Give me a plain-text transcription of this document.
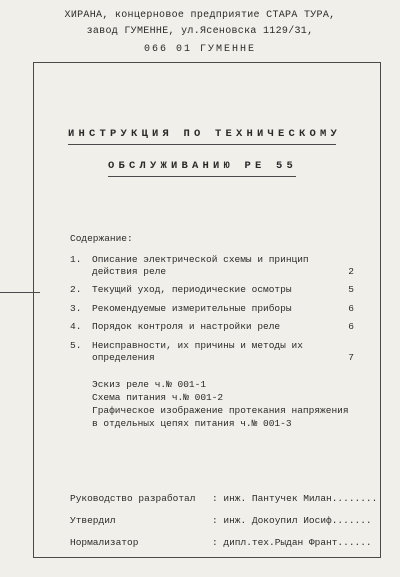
ХИРАНА, концерновое предприятие СТАРА ТУРА,
завод ГУМЕННЕ, ул.Ясеновска 1129/31,
066 01 ГУМЕННЕ
ИНСТРУКЦИЯ ПО ТЕХНИЧЕСКОМУ
ОБСЛУЖИВАНИЮ РЕ 55
Содержание:
1. Описание электрической схемы и принцип
действия реле	2
2. Текущий уход, периодические осмотры	5
3. Рекомендуемые измерительные приборы	6
4. Порядок контроля и настройки реле	6
5. Неисправности, их причины и методы их
определения	7
Эскиз реле ч.№ 001-1
Схема питания ч.№ 001-2
Графическое изображение протекания напряжения
в отдельных цепях питания ч.№ 001-3
Руководство разработал : инж. Пантучек Милан........
Утвердил	: инж. Докоупил Иосиф.......
Нормализатор	: дипл.тех.Рыдан Франт......
